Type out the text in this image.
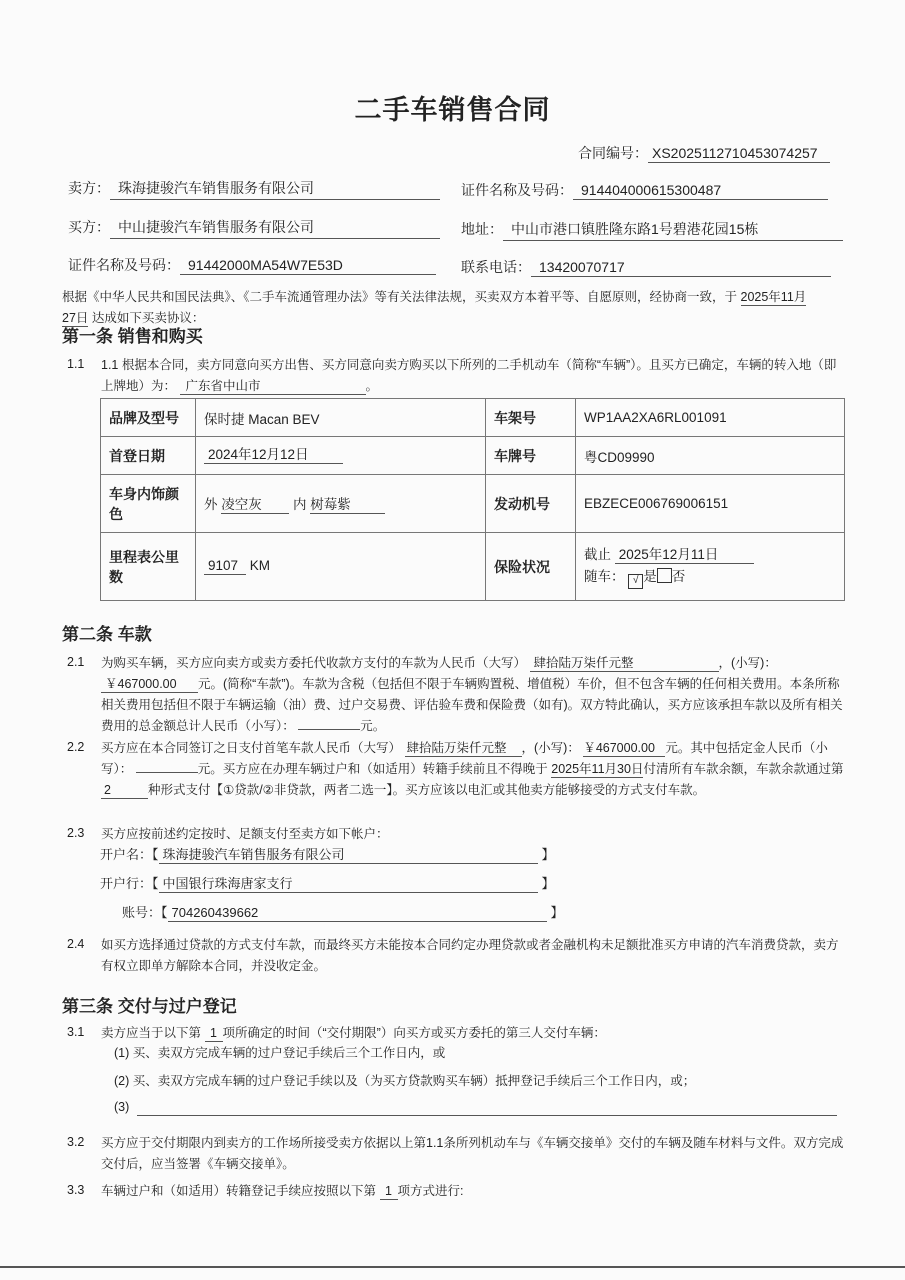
二手车销售合同
合同编号： XS2025112710453074257
卖方： 珠海捷骏汽车销售服务有限公司	证件名称及号码： 914404000615300487
买方： 中山捷骏汽车销售服务有限公司	地址： 中山市港口镇胜隆东路1号碧港花园15栋
证件名称及号码： 91442000MA54W7E53D	联系电话： 13420070717
根据《中华人民共和国民法典》、《二手车流通管理办法》等有关法律法规，买卖双方本着平等、自愿原则，经协商一致，于 2025年11月
27日 达成如下买卖协议：
第一条 销售和购买
1.1 1.1 根据本合同，卖方同意向买方出售、买方同意向卖方购买以下所列的二手机动车（简称“车辆”）。且买方已确定，车辆的转入地（即上牌地）为： 广东省中山市	。
品牌及型号	保时捷 Macan BEV	车架号	WP1AA2XA6RL001091
首登日期	2024年12月12日	车牌号	粤CD09990
车身内饰颜色	外 凌空灰 内 树莓紫	发动机号	EBZECE006769006151
里程表公里数	9107 KM	保险状况	截止 2025年12月11日
随车： √ 是 否
第二条 车款
2.1 为购买车辆，买方应向卖方或卖方委托代收款方支付的车款为人民币（大写） 肆拾陆万柒仟元整	，(小写)： ￥467000.00 元。(简称“车款”)。车款为含税（包括但不限于车辆购置税、增值税）车价，但不包含车辆的任何相关费用。本条所称相关费用包括但不限于车辆运输（油）费、过户交易费、评估验车费和保险费（如有)。双方特此确认，买方应该承担车款以及所有相关费用的总金额总计人民币（小写）：	元。
2.2 买方应在本合同签订之日支付首笔车款人民币（大写） 肆拾陆万柒仟元整 ，(小写)： ￥467000.00 元。其中包括定金人民币（小写）：	元。买方应在办理车辆过户和（如适用）转籍手续前且不得晚于 2025年11月30日付清所有车款余额，车款余款通过第 2	种形式支付【①贷款/②非贷款，两者二选一】。买方应该以电汇或其他卖方能够接受的方式支付车款。
2.3 买方应按前述约定按时、足额支付至卖方如下帐户：
开户名：【 珠海捷骏汽车销售服务有限公司	】
开户行：【 中国银行珠海唐家支行	】
账号：【 704260439662	】
2.4 如买方选择通过贷款的方式支付车款，而最终买方未能按本合同约定办理贷款或者金融机构未足额批准买方申请的汽车消费贷款，卖方有权立即单方解除本合同，并没收定金。
第三条 交付与过户登记
3.1 卖方应当于以下第 1 项所确定的时间（“交付期限”）向买方或买方委托的第三人交付车辆：
(1) 买、卖双方完成车辆的过户登记手续后三个工作日内，或
(2) 买、卖双方完成车辆的过户登记手续以及（为买方贷款购买车辆）抵押登记手续后三个工作日内，或；
(3)
3.2 买方应于交付期限内到卖方的工作场所接受卖方依据以上第1.1条所列机动车与《车辆交接单》交付的车辆及随车材料与文件。双方完成交付后，应当签署《车辆交接单》。
3.3 车辆过户和（如适用）转籍登记手续应按照以下第 1 项方式进行:
